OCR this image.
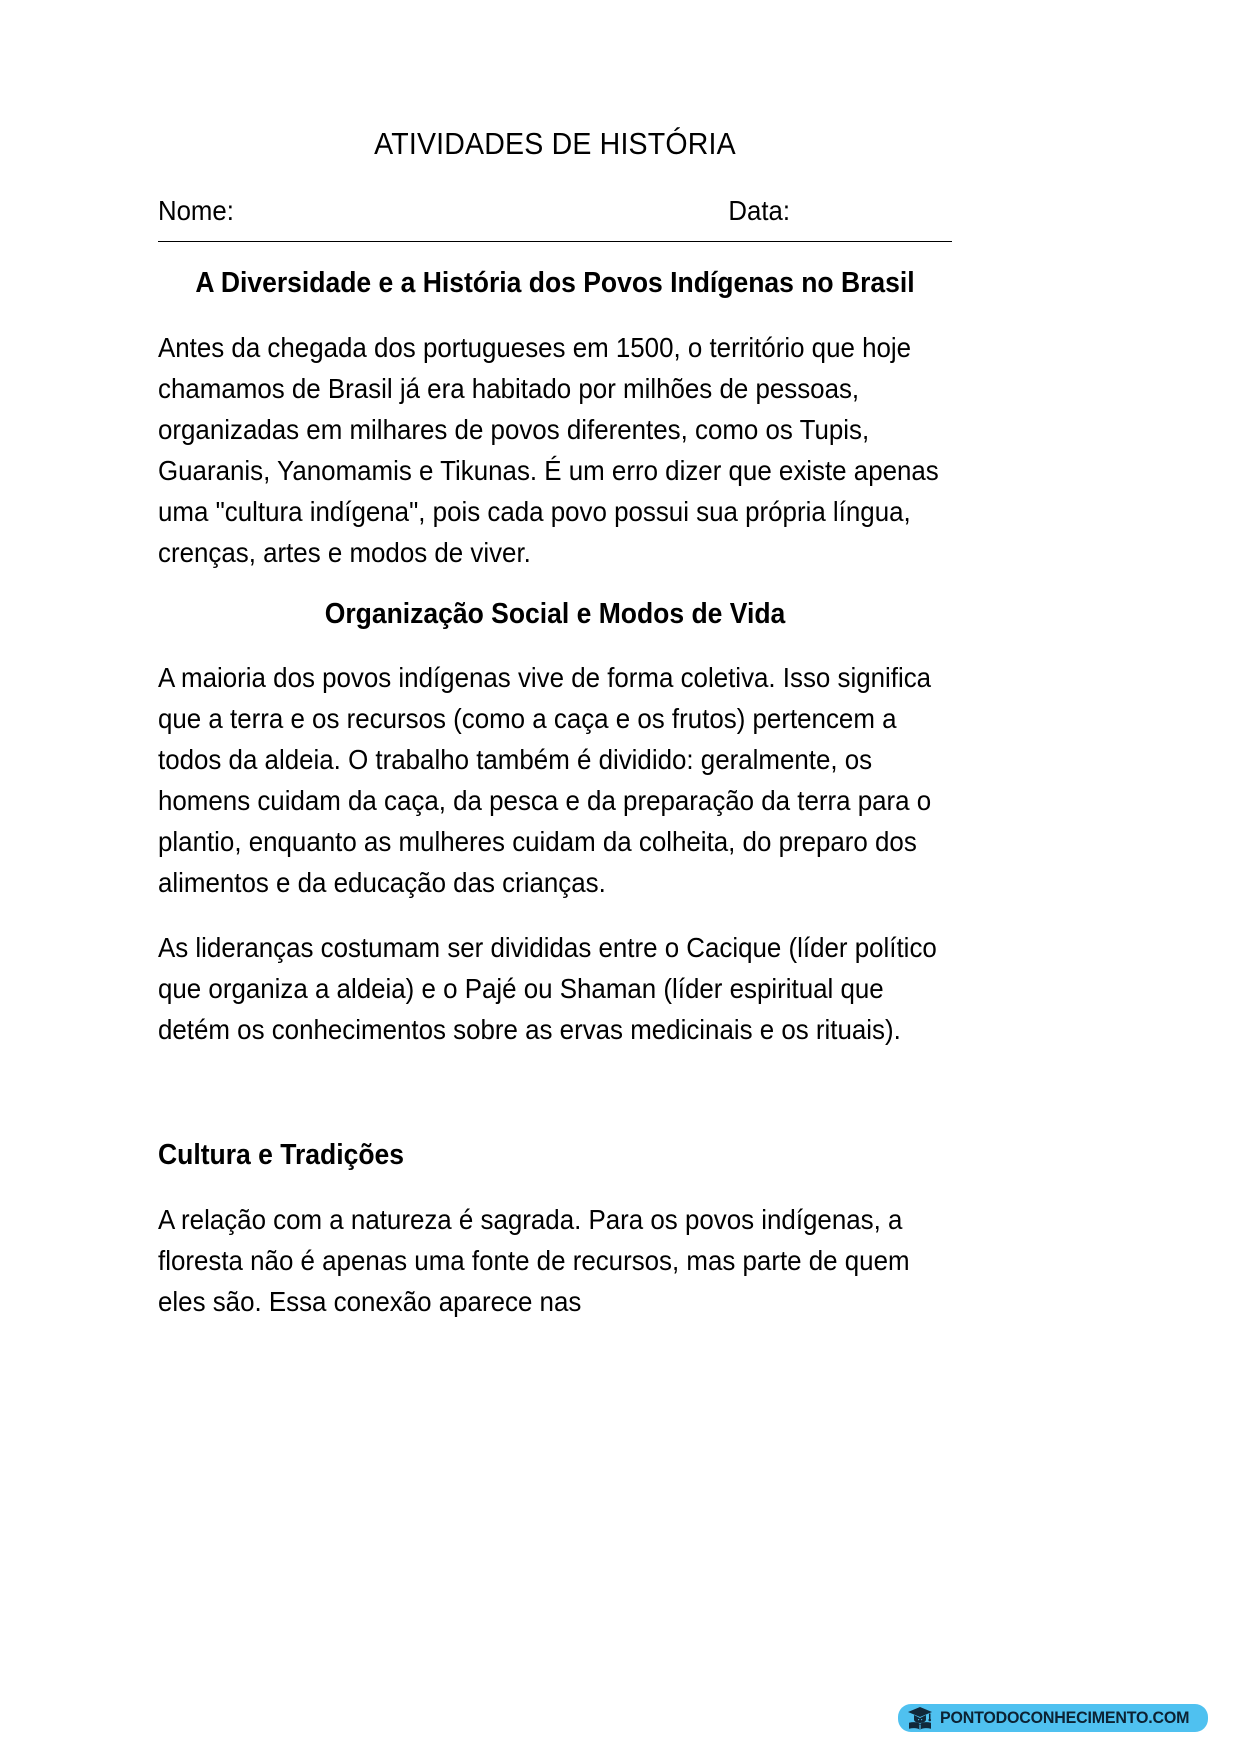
ATIVIDADES DE HISTÓRIA
Nome:	Data:
A Diversidade e a História dos Povos Indígenas no Brasil

Antes da chegada dos portugueses em 1500, o território que hoje chamamos de Brasil já era habitado por milhões de pessoas, organizadas em milhares de povos diferentes, como os Tupis, Guaranis, Yanomamis e Tikunas. É um erro dizer que existe apenas uma "cultura indígena", pois cada povo possui sua própria língua, crenças, artes e modos de viver.

Organização Social e Modos de Vida

A maioria dos povos indígenas vive de forma coletiva. Isso significa que a terra e os recursos (como a caça e os frutos) pertencem a todos da aldeia. O trabalho também é dividido: geralmente, os homens cuidam da caça, da pesca e da preparação da terra para o plantio, enquanto as mulheres cuidam da colheita, do preparo dos alimentos e da educação das crianças.

As lideranças costumam ser divididas entre o Cacique (líder político que organiza a aldeia) e o Pajé ou Shaman (líder espiritual que detém os conhecimentos sobre as ervas medicinais e os rituais).

Cultura e Tradições

A relação com a natureza é sagrada. Para os povos indígenas, a floresta não é apenas uma fonte de recursos, mas parte de quem eles são. Essa conexão aparece nas

PONTODOCONHECIMENTO.COM
